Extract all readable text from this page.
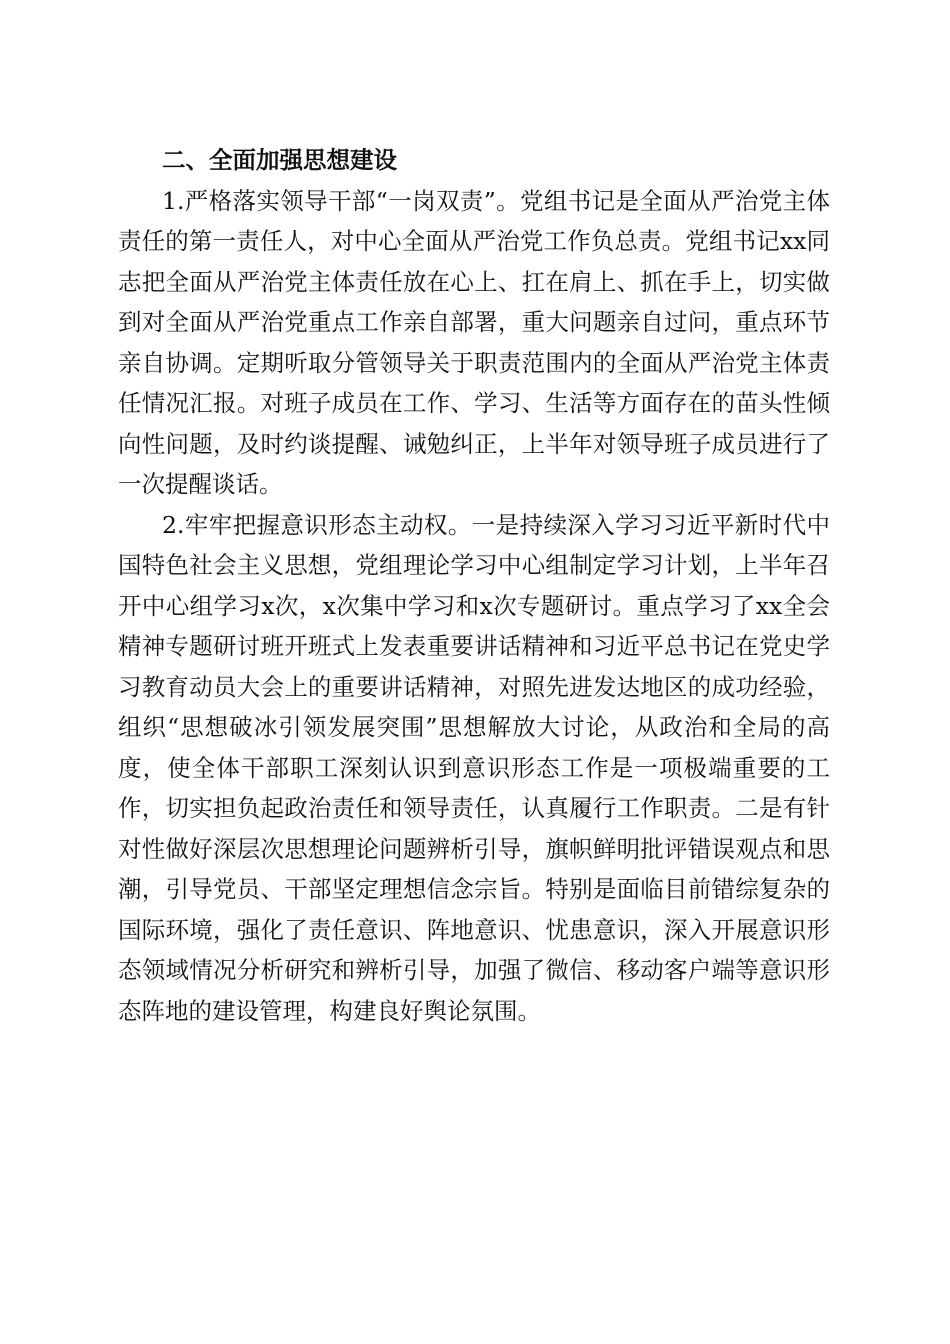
二、全面加强思想建设

1.严格落实领导干部“一岗双责”。党组书记是全面从严治党主体责任的第一责任人，对中心全面从严治党工作负总责。党组书记xx同志把全面从严治党主体责任放在心上、扛在肩上、抓在手上，切实做到对全面从严治党重点工作亲自部署，重大问题亲自过问，重点环节亲自协调。定期听取分管领导关于职责范围内的全面从严治党主体责任情况汇报。对班子成员在工作、学习、生活等方面存在的苗头性倾向性问题，及时约谈提醒、诫勉纠正，上半年对领导班子成员进行了一次提醒谈话。

2.牢牢把握意识形态主动权。一是持续深入学习习近平新时代中国特色社会主义思想，党组理论学习中心组制定学习计划，上半年召开中心组学习x次，x次集中学习和x次专题研讨。重点学习了xx全会精神专题研讨班开班式上发表重要讲话精神和习近平总书记在党史学习教育动员大会上的重要讲话精神，对照先进发达地区的成功经验，组织“思想破冰引领发展突围”思想解放大讨论，从政治和全局的高度，使全体干部职工深刻认识到意识形态工作是一项极端重要的工作，切实担负起政治责任和领导责任，认真履行工作职责。二是有针对性做好深层次思想理论问题辨析引导，旗帜鲜明批评错误观点和思潮，引导党员、干部坚定理想信念宗旨。特别是面临目前错综复杂的国际环境，强化了责任意识、阵地意识、忧患意识，深入开展意识形态领域情况分析研究和辨析引导，加强了微信、移动客户端等意识形态阵地的建设管理，构建良好舆论氛围。
